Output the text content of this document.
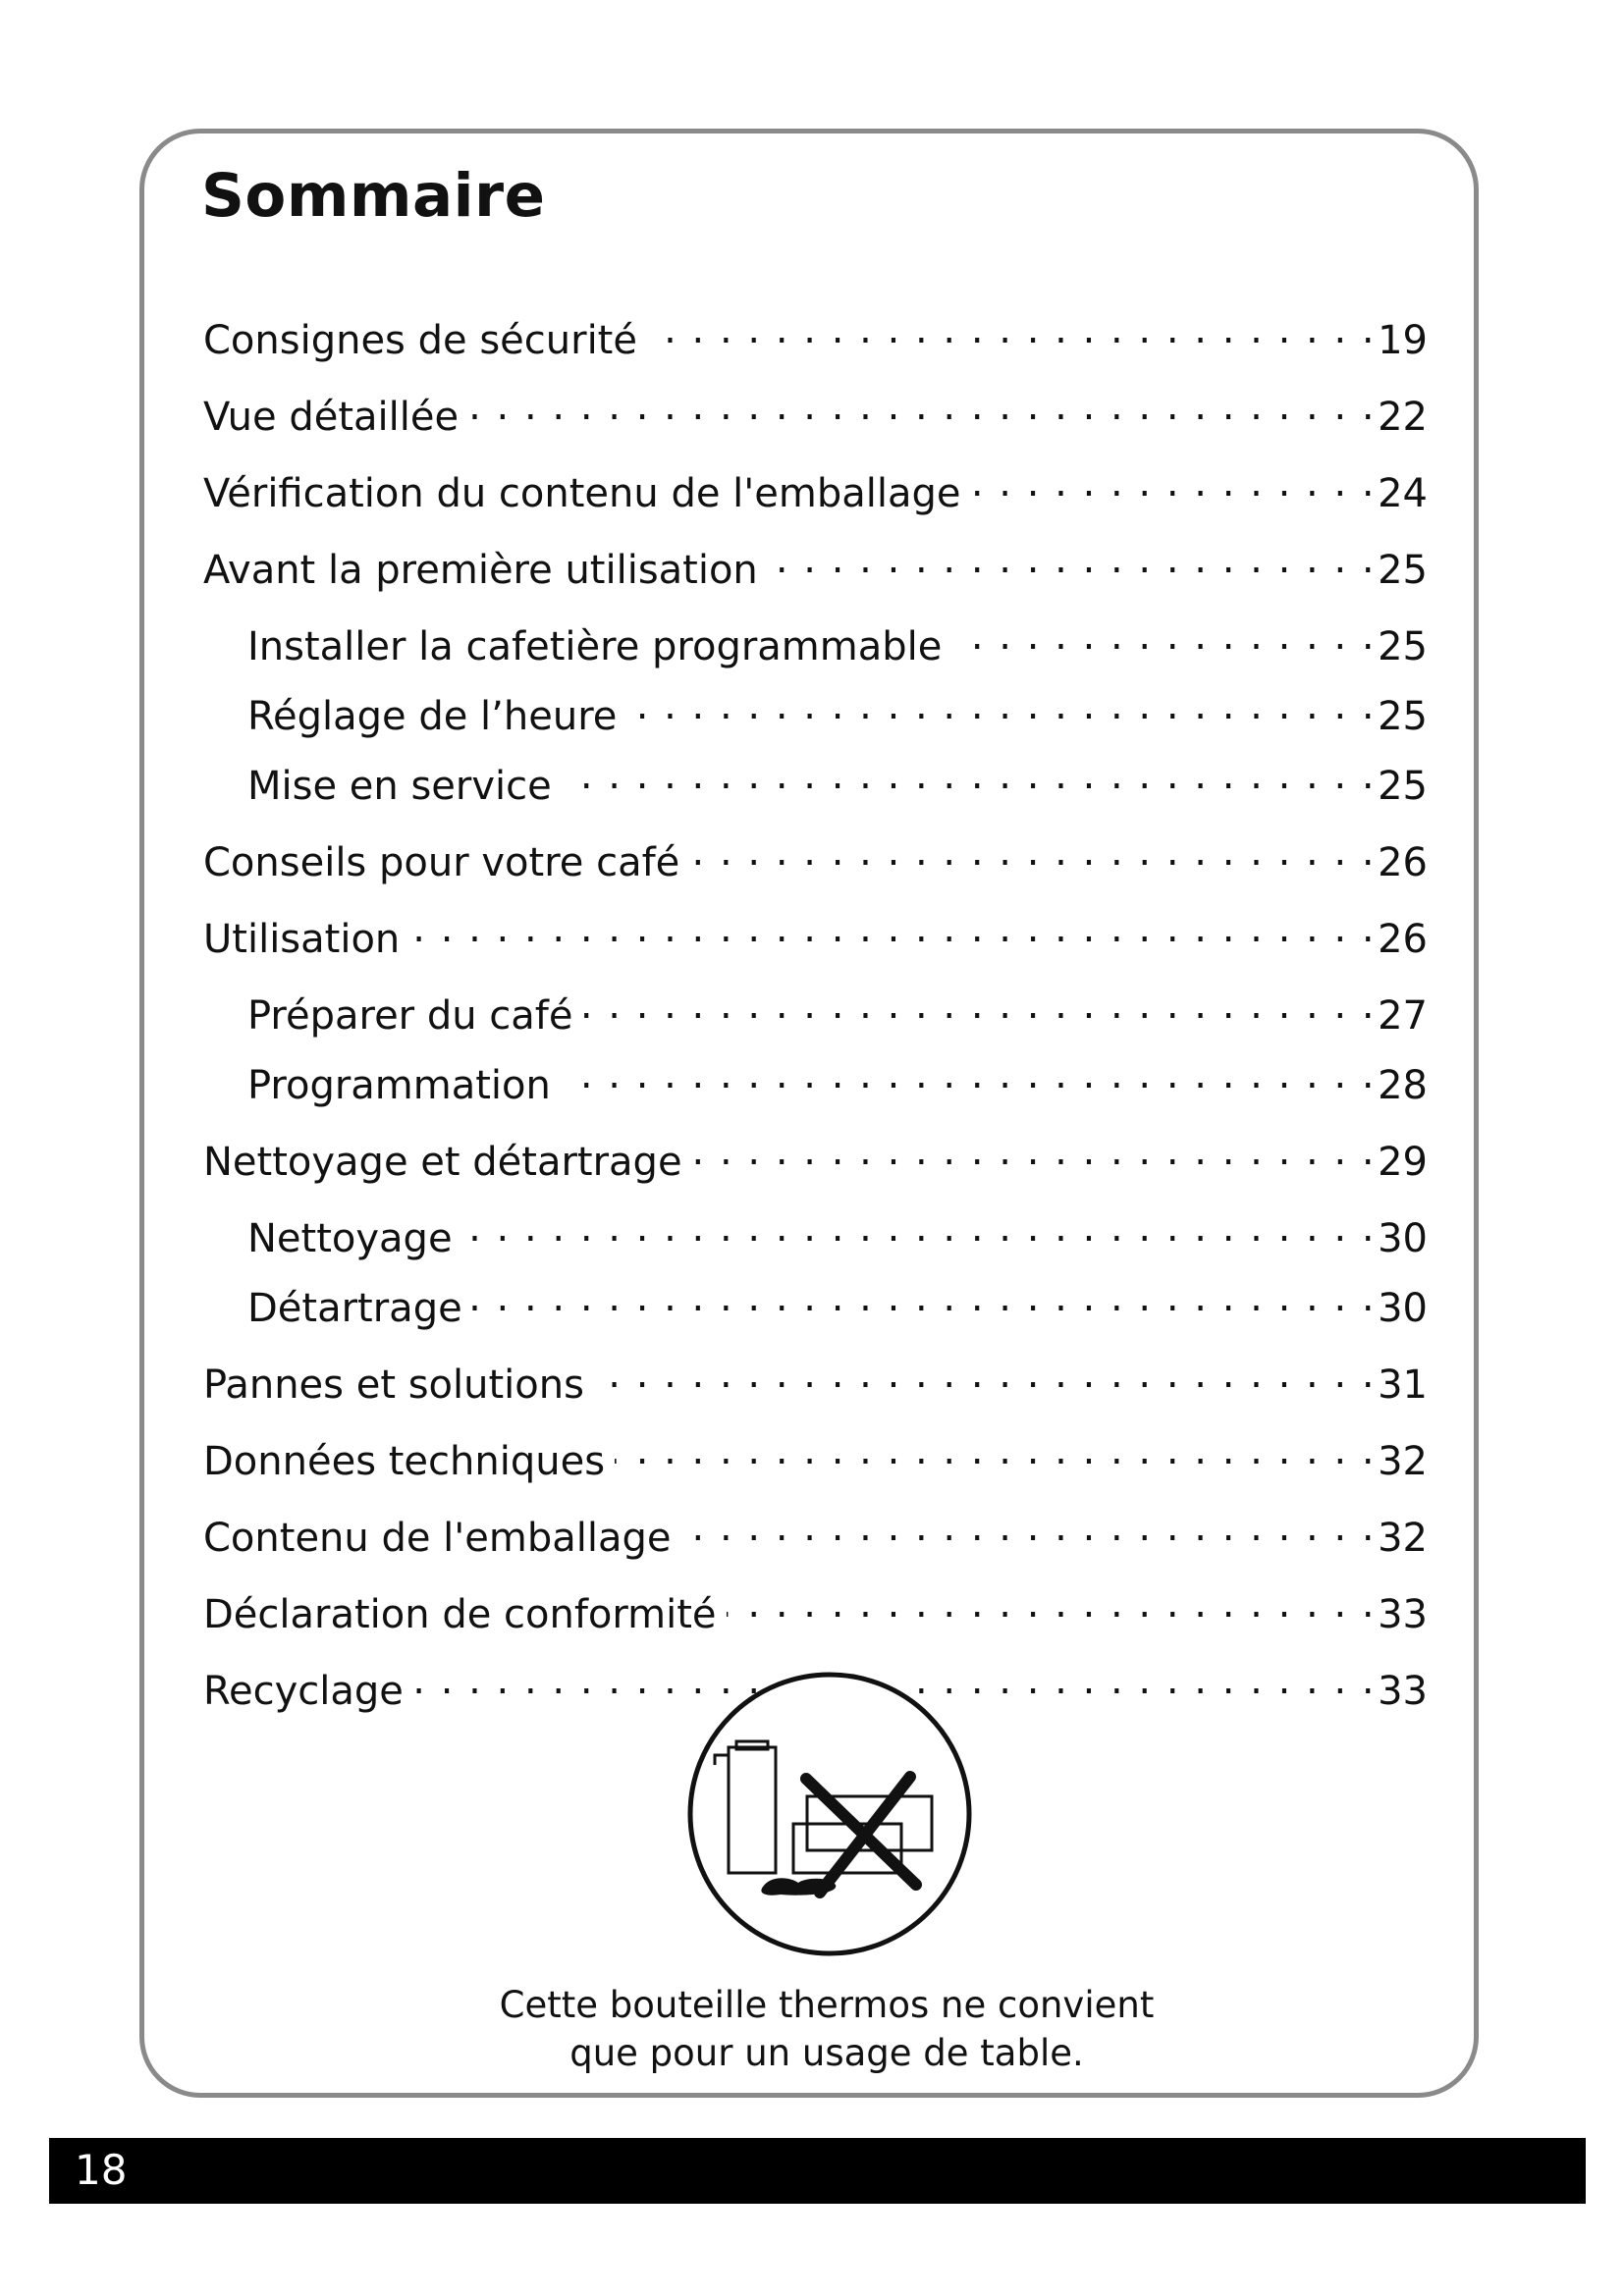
Sommaire
Consignes de sécurité . . .	19
Vue détaillée . . .	22
Vérification du contenu de l'emballage . . .	24
Avant la première utilisation . . .	25
Installer la cafetière programmable . . .	25
Réglage de l’heure . . .	25
Mise en service . . .	25
Conseils pour votre café . . .	26
Utilisation . . .	26
Préparer du café . . .	27
Programmation . . .	28
Nettoyage et détartrage . . .	29
Nettoyage . . .	30
Détartrage . . .	30
Pannes et solutions . . .	31
Données techniques . . .	32
Contenu de l'emballage . . .	32
Déclaration de conformité . . .	33
Recyclage . . .	33
Cette bouteille thermos ne convient
que pour un usage de table.
18
